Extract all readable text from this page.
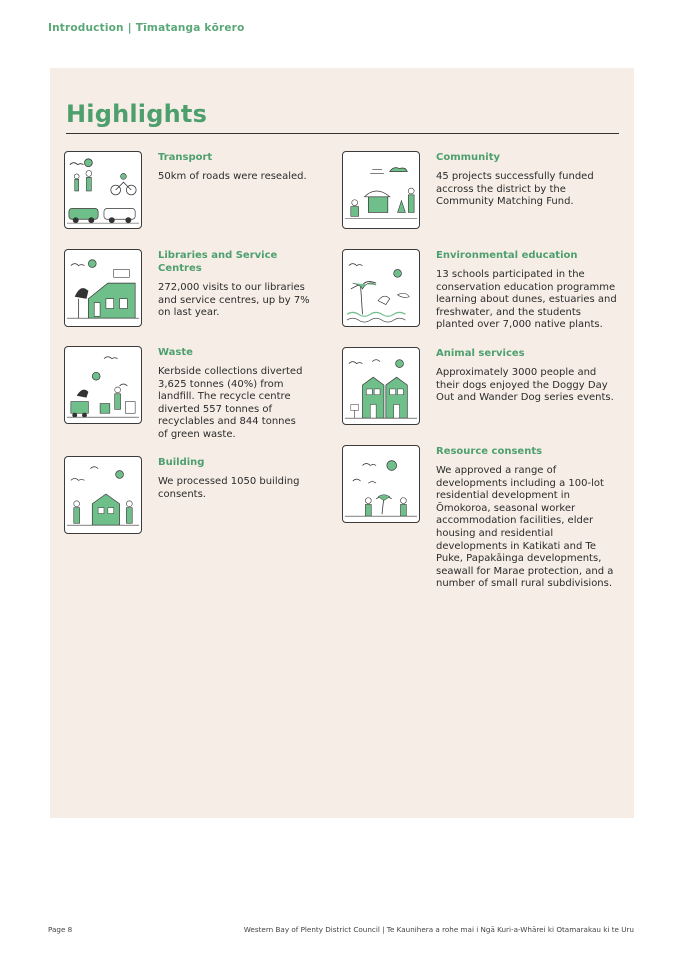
Introduction | Tīmatanga kōrero
Highlights
Transport
50km of roads were resealed.
Community
45 projects successfully funded accross the district by the Community Matching Fund.
Libraries and Service Centres
272,000 visits to our libraries and service centres, up by 7% on last year.
Environmental education
13 schools participated in the conservation education programme learning about dunes, estuaries and freshwater, and the students planted over 7,000 native plants.
Waste
Kerbside collections diverted 3,625 tonnes (40%) from landfill. The recycle centre diverted 557 tonnes of recyclables and 844 tonnes of green waste.
Animal services
Approximately 3000 people and their dogs enjoyed the Doggy Day Out and Wander Dog series events.
Building
We processed 1050 building consents.
Resource consents
We approved a range of developments including a 100-lot residential development in Ōmokoroa, seasonal worker accommodation facilities, elder housing and residential developments in Katikati and Te Puke, Papakāinga developments, seawall for Marae protection, and a number of small rural subdivisions.
Page 8	Western Bay of Plenty District Council | Te Kaunihera a rohe mai i Ngā Kuri-a-Whārei ki Otamarakau ki te Uru
